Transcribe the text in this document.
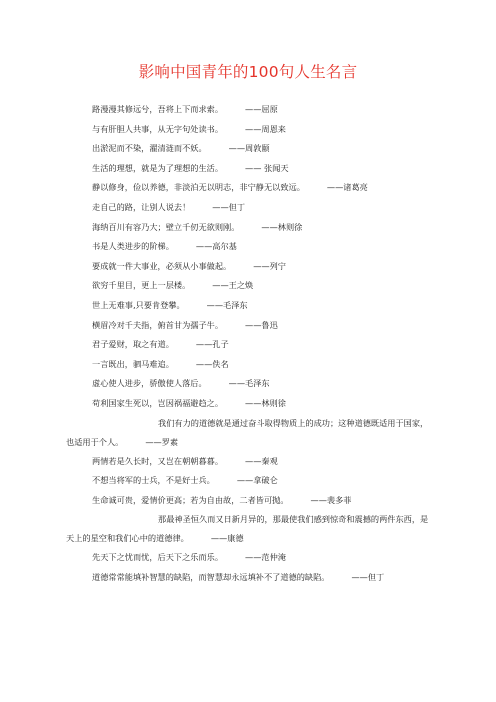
影响中国青年的100句人生名言
路漫漫其修远兮，吾将上下而求索。	——屈原
与有肝胆人共事，从无字句处读书。	——周恩来
出淤泥而不染，濯清涟而不妖。	——周敦颐
生活的理想，就是为了理想的生活。	—— 张闻天
静以修身，俭以养德，非淡泊无以明志，非宁静无以致远。	——诸葛亮
走自己的路，让别人说去！	——但丁
海纳百川有容乃大；壁立千仞无欲则刚。	——林则徐
书是人类进步的阶梯。	——高尔基
要成就一件大事业，必须从小事做起。	——列宁
欲穷千里目，更上一层楼。	——王之焕
世上无难事,只要肯登攀。	——毛泽东
横眉冷对千夫指，俯首甘为孺子牛。	——鲁迅
君子爱财，取之有道。	——孔子
一言既出，驷马难追。	——佚名
虚心使人进步，骄傲使人落后。	——毛泽东
苟利国家生死以，岂因祸福避趋之。	——林则徐
我们有力的道德就是通过奋斗取得物质上的成功；这种道德既适用于国家，也适用于个人。	——罗素
两情若是久长时，又岂在朝朝暮暮。	——秦观
不想当将军的士兵，不是好士兵。	——拿破仑
生命诚可贵，爱情价更高；若为自由故，二者皆可抛。	——裴多菲
那最神圣恒久而又日新月异的，那最使我们感到惊奇和震撼的两件东西，是天上的星空和我们心中的道德律。	——康德
先天下之忧而忧，后天下之乐而乐。	——范仲淹
道德常常能填补智慧的缺陷，而智慧却永远填补不了道德的缺陷。	——但丁
